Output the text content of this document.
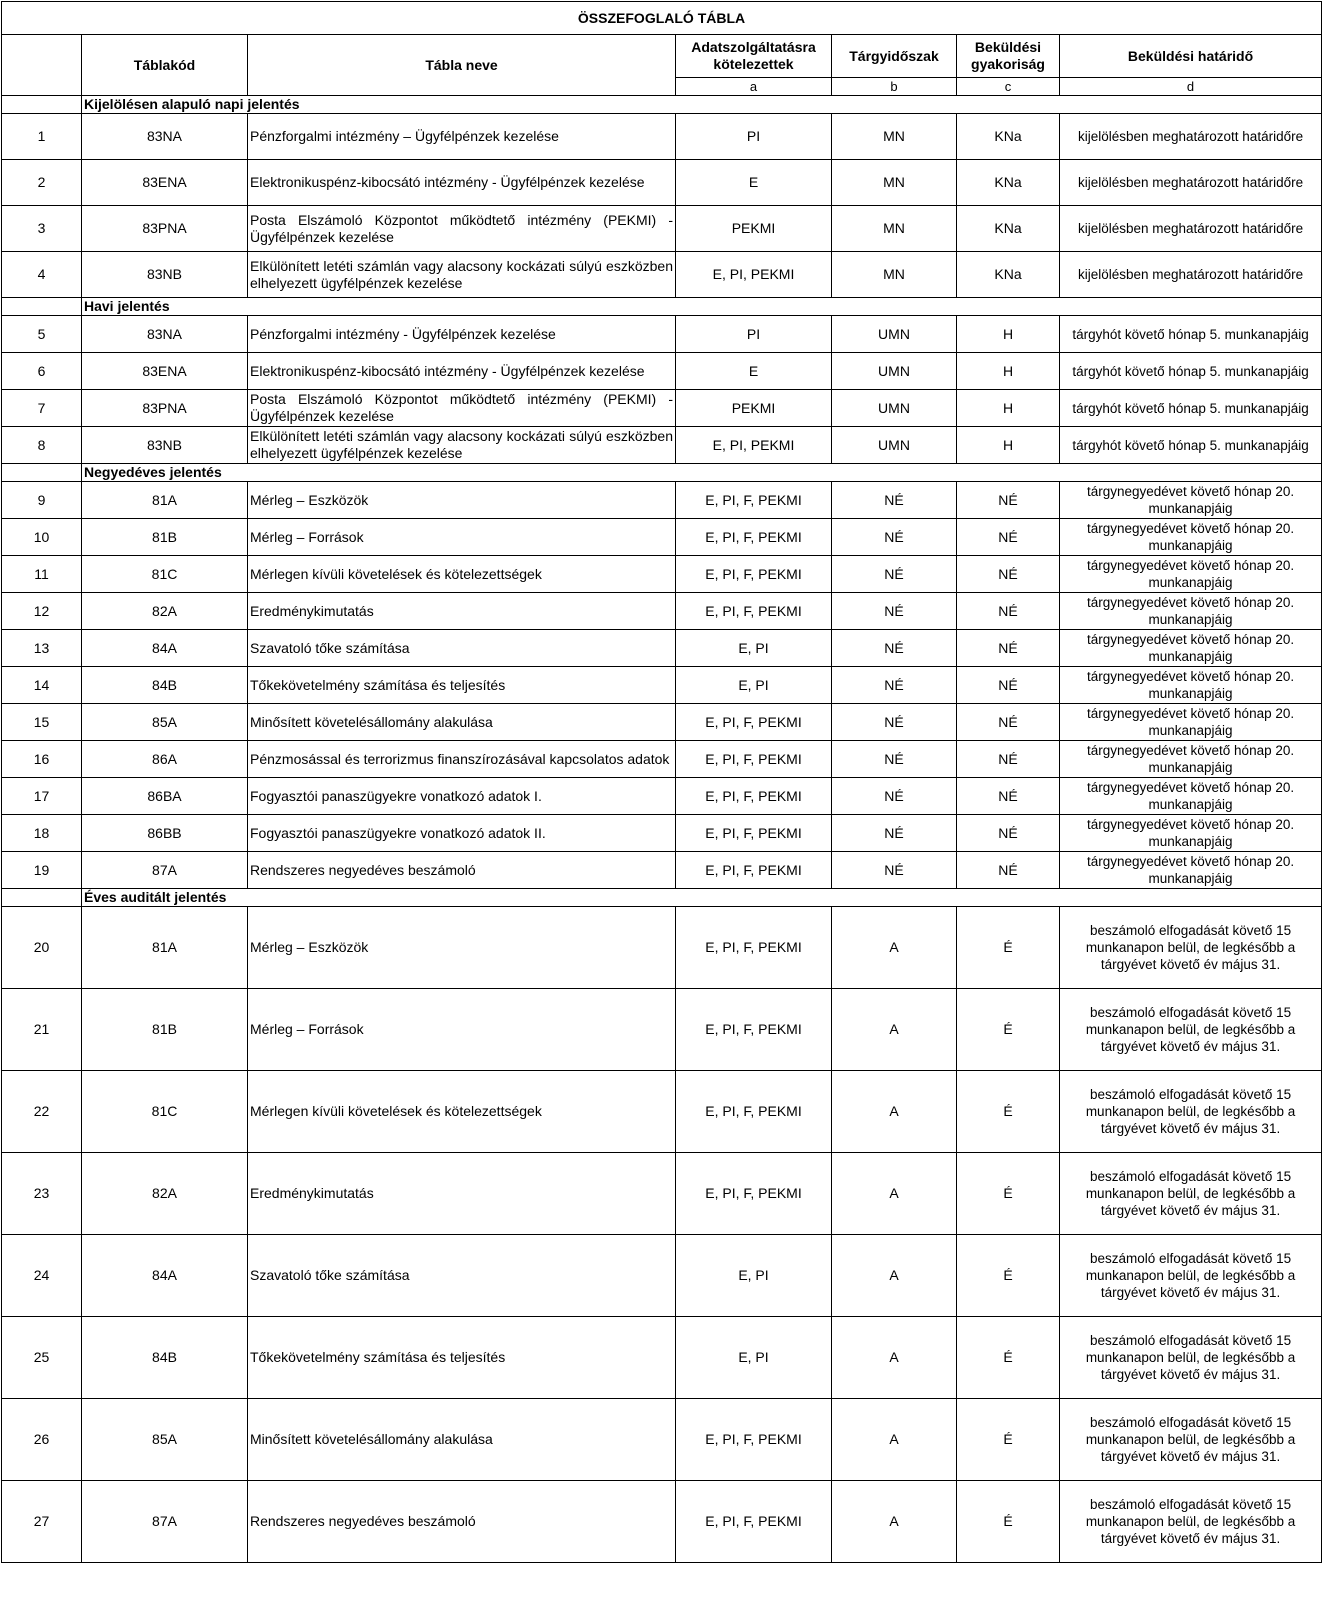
ÖSSZEFOGLALÓ TÁBLA						
	Táblakód	Tábla neve	Adatszolgáltatásra kötelezettek	Tárgyidőszak	Beküldési gyakoriság	Beküldési határidő
			a	b	c	d
	Kijelölésen alapuló napi jelentés					
1	83NA	Pénzforgalmi intézmény – Ügyfélpénzek kezelése	PI	MN	KNa	kijelölésben meghatározott határidőre
2	83ENA	Elektronikuspénz-kibocsátó intézmény - Ügyfélpénzek kezelése	E	MN	KNa	kijelölésben meghatározott határidőre
3	83PNA	Posta Elszámoló Központot működtető intézmény (PEKMI) - Ügyfélpénzek kezelése	PEKMI	MN	KNa	kijelölésben meghatározott határidőre
4	83NB	Elkülönített letéti számlán vagy alacsony kockázati súlyú eszközben elhelyezett ügyfélpénzek kezelése	E, PI, PEKMI	MN	KNa	kijelölésben meghatározott határidőre
	Havi jelentés					
5	83NA	Pénzforgalmi intézmény - Ügyfélpénzek kezelése	PI	UMN	H	tárgyhót követő hónap 5. munkanapjáig
6	83ENA	Elektronikuspénz-kibocsátó intézmény - Ügyfélpénzek kezelése	E	UMN	H	tárgyhót követő hónap 5. munkanapjáig
7	83PNA	Posta Elszámoló Központot működtető intézmény (PEKMI) - Ügyfélpénzek kezelése	PEKMI	UMN	H	tárgyhót követő hónap 5. munkanapjáig
8	83NB	Elkülönített letéti számlán vagy alacsony kockázati súlyú eszközben elhelyezett ügyfélpénzek kezelése	E, PI, PEKMI	UMN	H	tárgyhót követő hónap 5. munkanapjáig
	Negyedéves jelentés					
9	81A	Mérleg – Eszközök	E, PI, F, PEKMI	NÉ	NÉ	tárgynegyedévet követő hónap 20. munkanapjáig
10	81B	Mérleg – Források	E, PI, F, PEKMI	NÉ	NÉ	tárgynegyedévet követő hónap 20. munkanapjáig
11	81C	Mérlegen kívüli követelések és kötelezettségek	E, PI, F, PEKMI	NÉ	NÉ	tárgynegyedévet követő hónap 20. munkanapjáig
12	82A	Eredménykimutatás	E, PI, F, PEKMI	NÉ	NÉ	tárgynegyedévet követő hónap 20. munkanapjáig
13	84A	Szavatoló tőke számítása	E, PI	NÉ	NÉ	tárgynegyedévet követő hónap 20. munkanapjáig
14	84B	Tőkekövetelmény számítása és teljesítés	E, PI	NÉ	NÉ	tárgynegyedévet követő hónap 20. munkanapjáig
15	85A	Minősített követelésállomány alakulása	E, PI, F, PEKMI	NÉ	NÉ	tárgynegyedévet követő hónap 20. munkanapjáig
16	86A	Pénzmosással és terrorizmus finanszírozásával kapcsolatos adatok	E, PI, F, PEKMI	NÉ	NÉ	tárgynegyedévet követő hónap 20. munkanapjáig
17	86BA	Fogyasztói panaszügyekre vonatkozó adatok I.	E, PI, F, PEKMI	NÉ	NÉ	tárgynegyedévet követő hónap 20. munkanapjáig
18	86BB	Fogyasztói panaszügyekre vonatkozó adatok II.	E, PI, F, PEKMI	NÉ	NÉ	tárgynegyedévet követő hónap 20. munkanapjáig
19	87A	Rendszeres negyedéves beszámoló	E, PI, F, PEKMI	NÉ	NÉ	tárgynegyedévet követő hónap 20. munkanapjáig
	Éves auditált jelentés					
20	81A	Mérleg – Eszközök	E, PI, F, PEKMI	A	É	beszámoló elfogadását követő 15 munkanapon belül, de legkésőbb a tárgyévet követő év május 31.
21	81B	Mérleg – Források	E, PI, F, PEKMI	A	É	beszámoló elfogadását követő 15 munkanapon belül, de legkésőbb a tárgyévet követő év május 31.
22	81C	Mérlegen kívüli követelések és kötelezettségek	E, PI, F, PEKMI	A	É	beszámoló elfogadását követő 15 munkanapon belül, de legkésőbb a tárgyévet követő év május 31.
23	82A	Eredménykimutatás	E, PI, F, PEKMI	A	É	beszámoló elfogadását követő 15 munkanapon belül, de legkésőbb a tárgyévet követő év május 31.
24	84A	Szavatoló tőke számítása	E, PI	A	É	beszámoló elfogadását követő 15 munkanapon belül, de legkésőbb a tárgyévet követő év május 31.
25	84B	Tőkekövetelmény számítása és teljesítés	E, PI	A	É	beszámoló elfogadását követő 15 munkanapon belül, de legkésőbb a tárgyévet követő év május 31.
26	85A	Minősített követelésállomány alakulása	E, PI, F, PEKMI	A	É	beszámoló elfogadását követő 15 munkanapon belül, de legkésőbb a tárgyévet követő év május 31.
27	87A	Rendszeres negyedéves beszámoló	E, PI, F, PEKMI	A	É	beszámoló elfogadását követő 15 munkanapon belül, de legkésőbb a tárgyévet követő év május 31.
